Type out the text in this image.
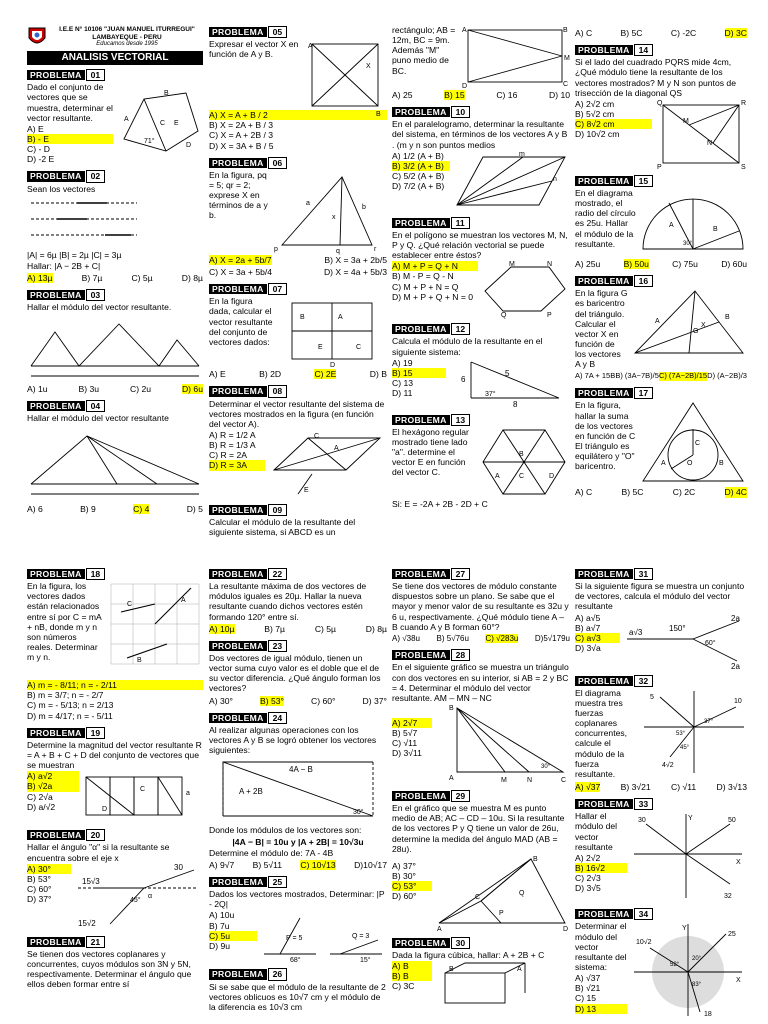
I.E.E N° 10106 "JUAN MANUEL ITURREGUI"
LAMBAYEQUE - PERU
Educamos desde 1995
ANALISIS VECTORIAL
PROBLEMA 01
Dado el conjunto de vectores que se muestra, determinar el vector resultante.
A) E
B) - E
C) - D
D) -2 E
A
B
E
D
71°
C
PROBLEMA 02
Sean los vectores
|A| = 6µ |B| = 2µ |C| = 3µ
Hallar: |A − 2B + C|
A) 13µ	B) 7µ	C) 5µ	D) 8µ
PROBLEMA 03
Hallar el módulo del vector resultante.
A) 1u	B) 3u	C) 2u	D) 6u
PROBLEMA 04
Hallar el módulo del vector resultante
A) 6	B) 9	C) 4	D) 5
PROBLEMA 05
Expresar el vector X en función de A y B.
A
X
B
A) X = A + B / 2
B) X = 2A + B / 3
C) X = A + 2B / 3
D) X = 3A + B / 5
PROBLEMA 06
En la figura, pq = 5; qr = 2; exprese X en términos de a y b.
p	q	r
a
b
x
A) X = 2a + 5b/7	B) X = 3a + 2b/5
C) X = 3a + 5b/4	D) X = 4a + 5b/3
PROBLEMA 07
En la figura dada, calcular el vector resultante del conjunto de vectores dados:
B	A
E	C
D
A) E	B) 2D	C) 2E	D) B
PROBLEMA 08
Determinar el vector resultante del sistema de vectores mostrados en la figura (en función del vector A).
A) R = 1/2 A
B) R = 1/3 A
C) R = 2A
D) R = 3A
C
A
E
PROBLEMA 09
Calcular el módulo de la resultante del siguiente sistema, si ABCD es un
rectángulo; AB = 12m, BC = 9m. Además "M" puno medio de BC.
A	B
C
D
M
A) 25	B) 15	C) 16	D) 10
PROBLEMA 10
En el paralelogramo, determinar la resultante del sistema, en términos de los vectores A y B . (m y n son puntos medios
A) 1/2 (A + B)
B) 3/2 (A + B)
C) 5/2 (A + B)
D) 7/2 (A + B)
m
n
PROBLEMA 11
En el polígono se muestran los vectores M, N, P y Q. ¿Qué relación vectorial se puede establecer entre éstos?
A) M + P = Q + N
B) M - P = Q - N
C) M + P + N = Q
D) M + P + Q + N = 0
M	N
Q	P
PROBLEMA 12
Calcula el módulo de la resultante en el siguiente sistema:
A) 19
B) 15
C) 13
D) 11
6
5
8
37°
PROBLEMA 13
El hexágono regular mostrado tiene lado "a". determine el vector E en función del vector C.
B
C
A	D
Si: E = -2A + 2B - 2D + C
A) C	B) 5C	C) -2C	D) 3C
PROBLEMA 14
Si el lado del cuadrado PQRS mide 4cm, ¿Qué módulo tiene la resultante de los vectores mostrados? M y N son puntos de trisección de la diagonal QS
A) 2√2 cm
B) 5√2 cm
C) 8√2 cm
D) 10√2 cm
Q	R
P	S
M
N
PROBLEMA 15
En el diagrama mostrado, el radio del círculo es 25u. Hallar el módulo de la resultante.
A
B
30°
A) 25u	B) 50u	C) 75u	D) 60u
PROBLEMA 16
En la figura G es baricentro del triángulo. Calcular el vector X en función de los vectores A y B
A
B
G
X
A) 7A + 15B B) (3A−7B)/5 C) (7A−2B)/15 D) (A−2B)/3
PROBLEMA 17
En la figura, hallar la suma de los vectores en función de C El triángulo es equilátero y "O" baricentro.
C
A	B
O
A) C	B) 5C	C) 2C	D) 4C
PROBLEMA 18
En la figura, los vectores dados están relacionados entre sí por C = mA + nB, donde m y n son números reales. Determinar m y n.
A
C
B
A) m = - 8/11; n = - 2/11
B) m = 3/7; n = - 2/7
C) m = - 5/13; n = 2/13
D) m = 4/17; n = - 5/11
PROBLEMA 19
Determine la magnitud del vector resultante R = A + B + C + D del conjunto de vectores que se muestran
A) a√2
B) √2a
C) 2√a
D) a/√2	D
C
a
PROBLEMA 20
Hallar el ángulo "α" si la resultante se encuentra sobre el eje x
A) 30°
B) 53°
C) 60°
D) 37°
30
15√3
15√2
α
45°
PROBLEMA 21
Se tienen dos vectores coplanares y concurrentes, cuyos módulos son 3N y 5N, respectivamente. Determinar el ángulo que ellos deben formar entre sí
PROBLEMA 22
La resultante máxima de dos vectores de módulos iguales es 20µ. Hallar la nueva resultante cuando dichos vectores estén formando 120° entre sí.
A) 10µ	B) 7µ	C) 5µ	D) 8µ
PROBLEMA 23
Dos vectores de igual módulo, tienen un vector suma cuyo valor es el doble que el de su vector diferencia. ¿Qué ángulo forman los vectores?
A) 30°	B) 53°	C) 60°	D) 37°
PROBLEMA 24
Al realizar algunas operaciones con los vectores A y B se logró obtener los vectores siguientes:
4A − B
A + 2B
30°
Donde los módulos de los vectores son:
|4A − B| = 10u y |A + 2B| = 10√3u
Determine el módulo de: 7A - 4B
A) 9√7 B) 5√11 C) 10√13 D)10√17
PROBLEMA 25
Dados los vectores mostrados, Determinar: |P - 2Q|
A) 10u
B) 7u
C) 5u
D) 9u
P = 5
68°
Q = 3
15°
PROBLEMA 26
Si se sabe que el módulo de la resultante de 2 vectores oblicuos es 10√7 cm y el módulo de la diferencia es 10√3 cm
PROBLEMA 27
Se tiene dos vectores de módulo constante dispuestos sobre un plano. Se sabe que el mayor y menor valor de su resultante es 32u y 6 u, respectivamente. ¿Qué módulo tiene A – B cuando A y B forman 60°?
A) √38u B) 5√76u C) √283u D)5√179u
PROBLEMA 28
En el siguiente gráfico se muestra un triángulo con dos vectores en su interior, si AB = 2 y BC = 4. Determinar el módulo del vector resultante. AM – MN – NC
A) 2√7
B) 5√7
C) √11
D) 3√11
B
A	M	N	C
30°
PROBLEMA 29
En el gráfico que se muestra M es punto medio de AB; AC – CD – 10u. Si la resultante de los vectores P y Q tiene un valor de 26u, determine la medida del ángulo MAD (AB = 28u).
A) 37°
B) 30°
C) 53°
D) 60°
B
C
A	D
P
Q
PROBLEMA 30
Dada la figura cúbica, hallar: A + 2B + C
A) B
B) B
C) 3C
B	A
PROBLEMA 31
Si la siguiente figura se muestra un conjunto de vectores, calcula el módulo del vector resultante
A) a√5
B) a√7
C) a√3
D) 3√a
a√3	150°
60°
2a
2a
PROBLEMA 32
El diagrama muestra tres fuerzas coplanares concurrentes, calcule el módulo de la fuerza resultante.
5
10
4√2
53°
37°
45°
A) √37 B) 3√21 C) √11 D) 3√13
PROBLEMA 33
Hallar el módulo del vector resultante
A) 2√2
B) 16√2
C) 2√3
D) 3√5
Y
X
30	50
32
PROBLEMA 34
Determinar el módulo del vector resultante del sistema:
A) √37
B) √21
C) 15
D) 13
Y
X
10√2
25
18
20°
52°
83°
